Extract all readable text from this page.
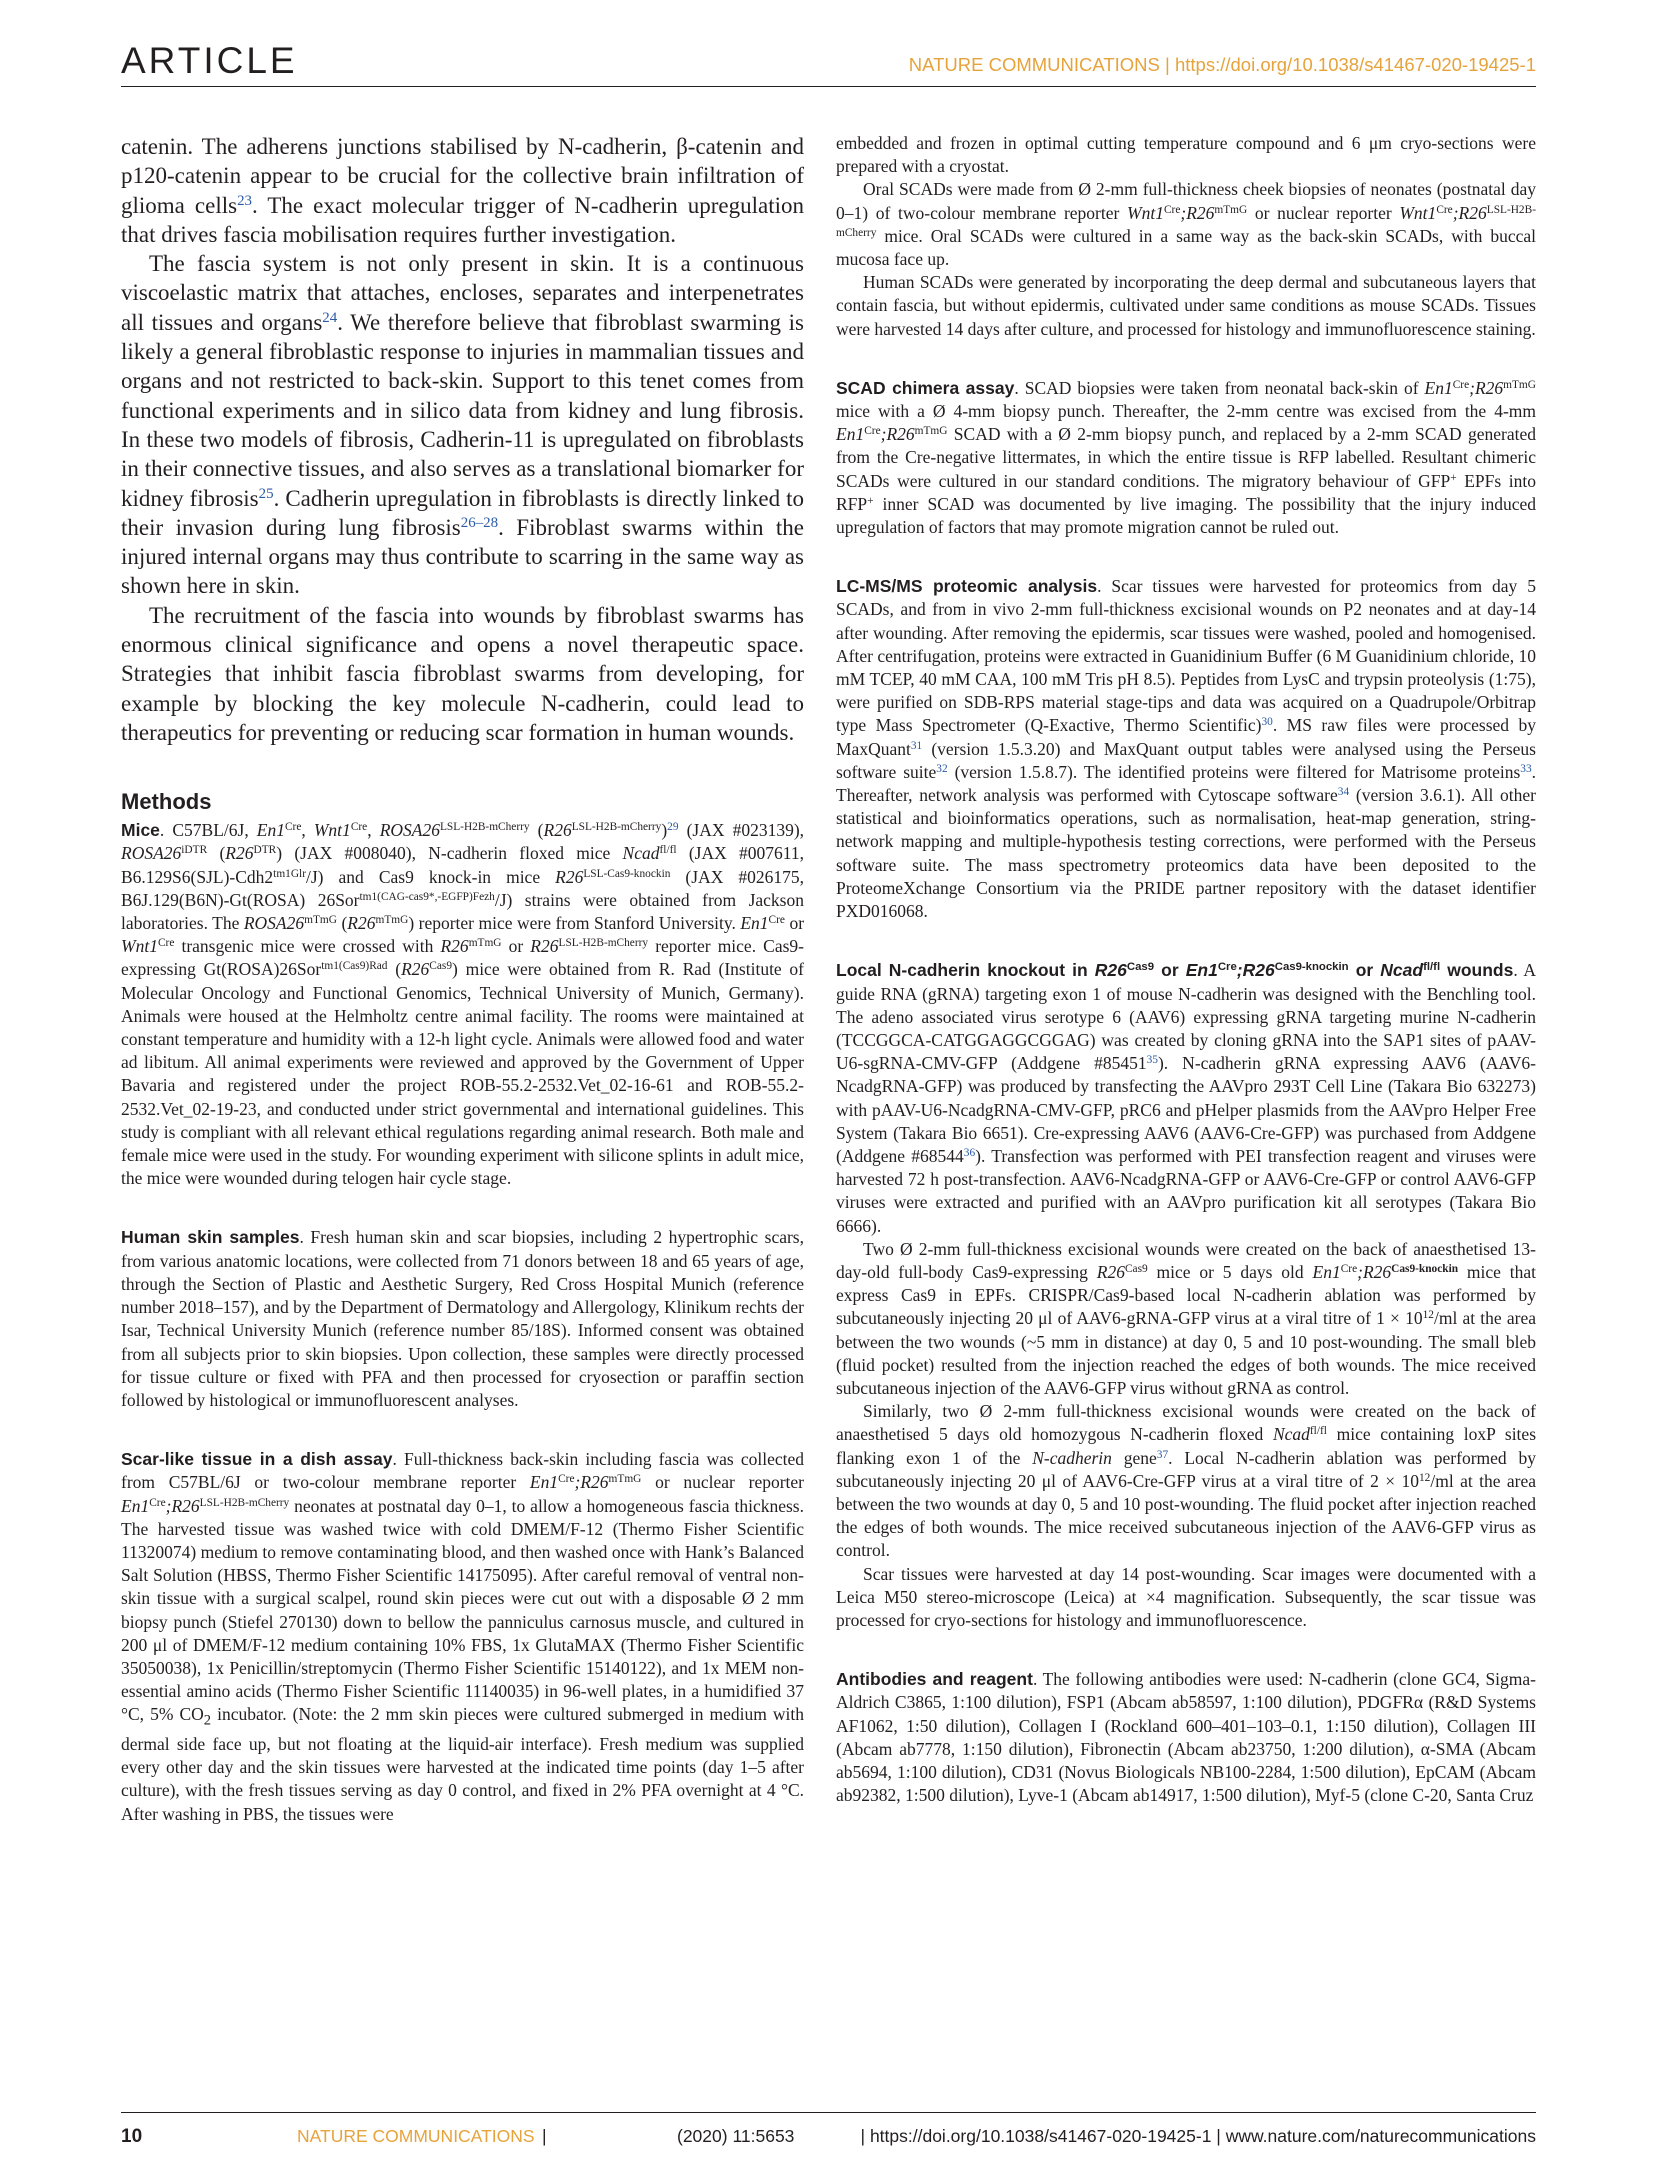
ARTICLE	NATURE COMMUNICATIONS | https://doi.org/10.1038/s41467-020-19425-1

catenin. The adherens junctions stabilised by N-cadherin, β-catenin and p120-catenin appear to be crucial for the collective brain infiltration of glioma cells$^{23}$. The exact molecular trigger of N-cadherin upregulation that drives fascia mobilisation requires further investigation.

The fascia system is not only present in skin. It is a continuous viscoelastic matrix that attaches, encloses, separates and interpenetrates all tissues and organs$^{24}$. We therefore believe that fibroblast swarming is likely a general fibroblastic response to injuries in mammalian tissues and organs and not restricted to back-skin. Support to this tenet comes from functional experiments and in silico data from kidney and lung fibrosis. In these two models of fibrosis, Cadherin-11 is upregulated on fibroblasts in their connective tissues, and also serves as a translational biomarker for kidney fibrosis$^{25}$. Cadherin upregulation in fibroblasts is directly linked to their invasion during lung fibrosis$^{26-28}$. Fibroblast swarms within the injured internal organs may thus contribute to scarring in the same way as shown here in skin.

The recruitment of the fascia into wounds by fibroblast swarms has enormous clinical significance and opens a novel therapeutic space. Strategies that inhibit fascia fibroblast swarms from developing, for example by blocking the key molecule N-cadherin, could lead to therapeutics for preventing or reducing scar formation in human wounds.

Methods

Mice. C57BL/6J, $En1^{Cre}$, $Wnt1^{Cre}$, $ROSA26^{LSL-H2B-mCherry}$ $(R26^{LSL-H2B-mCherry})^{29}$ (JAX #023139), $ROSA26^{iDTR}$ $(R26^{DTR})$ (JAX #008040), N-cadherin floxed mice Ncad$^{fl/fl}$ (JAX #007611, $B6.129S6(SJL)-Cdh2^{tm1Glr}/J$) and Cas9 knock-in mice $R26^{LSL-Cas9-knockin}$ (JAX #026175, B6J.129(B6N)-Gt(ROSA) 26Sor$^{tm1(CAG-cas9*,-EGFP)Fezh}$/J) strains were obtained from Jackson laboratories. The $ROSA26^{mTmG}$ $(R26^{mTmG})$ reporter mice were from Stanford University. $En1^{Cre}$ or $Wnt1^{Cre}$ transgenic mice were crossed with $R26^{mTmG}$ or $R26^{LSL-H2B-mCherry}$ reporter mice. Cas9-expressing Gt(ROSA)26Sor$^{tm1(Cas9)Rad}$ $(R26^{Cas9})$ mice were obtained from R. Rad (Institute of Molecular Oncology and Functional Genomics, Technical University of Munich, Germany). Animals were housed at the Helmholtz centre animal facility. The rooms were maintained at constant temperature and humidity with a 12-h light cycle. Animals were allowed food and water ad libitum. All animal experiments were reviewed and approved by the Government of Upper Bavaria and registered under the project ROB-55.2-2532.Vet_02-16-61 and ROB-55.2-2532.Vet_02-19-23, and conducted under strict governmental and international guidelines. This study is compliant with all relevant ethical regulations regarding animal research. Both male and female mice were used in the study. For wounding experiment with silicone splints in adult mice, the mice were wounded during telogen hair cycle stage.

Human skin samples. Fresh human skin and scar biopsies, including 2 hypertrophic scars, from various anatomic locations, were collected from 71 donors between 18 and 65 years of age, through the Section of Plastic and Aesthetic Surgery, Red Cross Hospital Munich (reference number 2018–157), and by the Department of Dermatology and Allergology, Klinikum rechts der Isar, Technical University Munich (reference number 85/18S). Informed consent was obtained from all subjects prior to skin biopsies. Upon collection, these samples were directly processed for tissue culture or fixed with PFA and then processed for cryosection or paraffin section followed by histological or immunofluorescent analyses.

Scar-like tissue in a dish assay. Full-thickness back-skin including fascia was collected from C57BL/6J or two-colour membrane reporter $En1^{Cre};R26^{mTmG}$ or nuclear reporter $En1^{Cre};R26^{LSL-H2B-mCherry}$ neonates at postnatal day 0–1, to allow a homogeneous fascia thickness. The harvested tissue was washed twice with cold DMEM/F-12 (Thermo Fisher Scientific 11320074) medium to remove contaminating blood, and then washed once with Hank’s Balanced Salt Solution (HBSS, Thermo Fisher Scientific 14175095). After careful removal of ventral non-skin tissue with a surgical scalpel, round skin pieces were cut out with a disposable Ø 2 mm biopsy punch (Stiefel 270130) down to bellow the panniculus carnosus muscle, and cultured in 200 μl of DMEM/F-12 medium containing 10% FBS, 1x GlutaMAX (Thermo Fisher Scientific 35050038), 1x Penicillin/streptomycin (Thermo Fisher Scientific 15140122), and 1x MEM non-essential amino acids (Thermo Fisher Scientific 11140035) in 96-well plates, in a humidified 37 °C, 5% $CO_2$ incubator. (Note: the 2 mm skin pieces were cultured submerged in medium with dermal side face up, but not floating at the liquid-air interface). Fresh medium was supplied every other day and the skin tissues were harvested at the indicated time points (day 1–5 after culture), with the fresh tissues serving as day 0 control, and fixed in 2% PFA overnight at 4 °C. After washing in PBS, the tissues were

embedded and frozen in optimal cutting temperature compound and 6 μm cryo-sections were prepared with a cryostat.

Oral SCADs were made from Ø 2-mm full-thickness cheek biopsies of neonates (postnatal day 0–1) of two-colour membrane reporter $Wnt1^{Cre};R26^{mTmG}$ or nuclear reporter $Wnt1^{Cre};R26^{LSL-H2B-mCherry}$ mice. Oral SCADs were cultured in a same way as the back-skin SCADs, with buccal mucosa face up.

Human SCADs were generated by incorporating the deep dermal and subcutaneous layers that contain fascia, but without epidermis, cultivated under same conditions as mouse SCADs. Tissues were harvested 14 days after culture, and processed for histology and immunofluorescence staining.

SCAD chimera assay. SCAD biopsies were taken from neonatal back-skin of $En1^{Cre};R26^{mTmG}$ mice with a Ø 4-mm biopsy punch. Thereafter, the 2-mm centre was excised from the 4-mm $En1^{Cre};R26^{mTmG}$ SCAD with a Ø 2-mm biopsy punch, and replaced by a 2-mm SCAD generated from the Cre-negative littermates, in which the entire tissue is RFP labelled. Resultant chimeric SCADs were cultured in our standard conditions. The migratory behaviour of GFP+ EPFs into RFP+ inner SCAD was documented by live imaging. The possibility that the injury induced upregulation of factors that may promote migration cannot be ruled out.

LC-MS/MS proteomic analysis. Scar tissues were harvested for proteomics from day 5 SCADs, and from in vivo 2-mm full-thickness excisional wounds on P2 neonates and at day-14 after wounding. After removing the epidermis, scar tissues were washed, pooled and homogenised. After centrifugation, proteins were extracted in Guanidinium Buffer (6 M Guanidinium chloride, 10 mM TCEP, 40 mM CAA, 100 mM Tris pH 8.5). Peptides from LysC and trypsin proteolysis (1:75), were purified on SDB-RPS material stage-tips and data was acquired on a Quadrupole/Orbitrap type Mass Spectrometer (Q-Exactive, Thermo Scientific)$^{30}$. MS raw files were processed by MaxQuant$^{31}$ (version 1.5.3.20) and MaxQuant output tables were analysed using the Perseus software suite$^{32}$ (version 1.5.8.7). The identified proteins were filtered for Matrisome proteins$^{33}$. Thereafter, network analysis was performed with Cytoscape software$^{34}$ (version 3.6.1). All other statistical and bioinformatics operations, such as normalisation, heat-map generation, string-network mapping and multiple-hypothesis testing corrections, were performed with the Perseus software suite. The mass spectrometry proteomics data have been deposited to the ProteomeXchange Consortium via the PRIDE partner repository with the dataset identifier PXD016068.

Local N-cadherin knockout in $R26^{Cas9}$ or $En1^{Cre};R26^{Cas9-knockin}$ or Ncad$^{fl/fl}$ wounds. A guide RNA (gRNA) targeting exon 1 of mouse N-cadherin was designed with the Benchling tool. The adeno associated virus serotype 6 (AAV6) expressing gRNA targeting murine N-cadherin (TCCGGCA-CATGGAGGCGGAG) was created by cloning gRNA into the SAP1 sites of pAAV-U6-sgRNA-CMV-GFP (Addgene #85451$^{35}$). N-cadherin gRNA expressing AAV6 (AAV6-NcadgRNA-GFP) was produced by transfecting the AAVpro 293T Cell Line (Takara Bio 632273) with pAAV-U6-NcadgRNA-CMV-GFP, pRC6 and pHelper plasmids from the AAVpro Helper Free System (Takara Bio 6651). Cre-expressing AAV6 (AAV6-Cre-GFP) was purchased from Addgene (Addgene #68544$^{36}$). Transfection was performed with PEI transfection reagent and viruses were harvested 72 h post-transfection. AAV6-NcadgRNA-GFP or AAV6-Cre-GFP or control AAV6-GFP viruses were extracted and purified with an AAVpro purification kit all serotypes (Takara Bio 6666).

Two Ø 2-mm full-thickness excisional wounds were created on the back of anaesthetised 13-day-old full-body Cas9-expressing $R26^{Cas9}$ mice or 5 days old $En1^{Cre};R26^{Cas9-knockin}$ mice that express Cas9 in EPFs. CRISPR/Cas9-based local N-cadherin ablation was performed by subcutaneously injecting 20 μl of AAV6-gRNA-GFP virus at a viral titre of $1 \times 10^{12}/ml$ at the area between the two wounds (~5 mm in distance) at day 0, 5 and 10 post-wounding. The small bleb (fluid pocket) resulted from the injection reached the edges of both wounds. The mice received subcutaneous injection of the AAV6-GFP virus without gRNA as control.

Similarly, two Ø 2-mm full-thickness excisional wounds were created on the back of anaesthetised 5 days old homozygous N-cadherin floxed Ncad$^{fl/fl}$ mice containing loxP sites flanking exon 1 of the N-cadherin gene$^{37}$. Local N-cadherin ablation was performed by subcutaneously injecting 20 μl of AAV6-Cre-GFP virus at a viral titre of $2 \times 10^{12}/ml$ at the area between the two wounds at day 0, 5 and 10 post-wounding. The fluid pocket after injection reached the edges of both wounds. The mice received subcutaneous injection of the AAV6-GFP virus as control.

Scar tissues were harvested at day 14 post-wounding. Scar images were documented with a Leica M50 stereo-microscope (Leica) at ×4 magnification. Subsequently, the scar tissue was processed for cryo-sections for histology and immunofluorescence.

Antibodies and reagent. The following antibodies were used: N-cadherin (clone GC4, Sigma-Aldrich C3865, 1:100 dilution), FSP1 (Abcam ab58597, 1:100 dilution), PDGFRα (R&D Systems AF1062, 1:50 dilution), Collagen I (Rockland 600–401–103–0.1, 1:150 dilution), Collagen III (Abcam ab7778, 1:150 dilution), Fibronectin (Abcam ab23750, 1:200 dilution), α-SMA (Abcam ab5694, 1:100 dilution), CD31 (Novus Biologicals NB100-2284, 1:500 dilution), EpCAM (Abcam ab92382, 1:500 dilution), Lyve-1 (Abcam ab14917, 1:500 dilution), Myf-5 (clone C-20, Santa Cruz

10	NATURE COMMUNICATIONS |	(2020) 11:5653	| https://doi.org/10.1038/s41467-020-19425-1 | www.nature.com/naturecommunications
